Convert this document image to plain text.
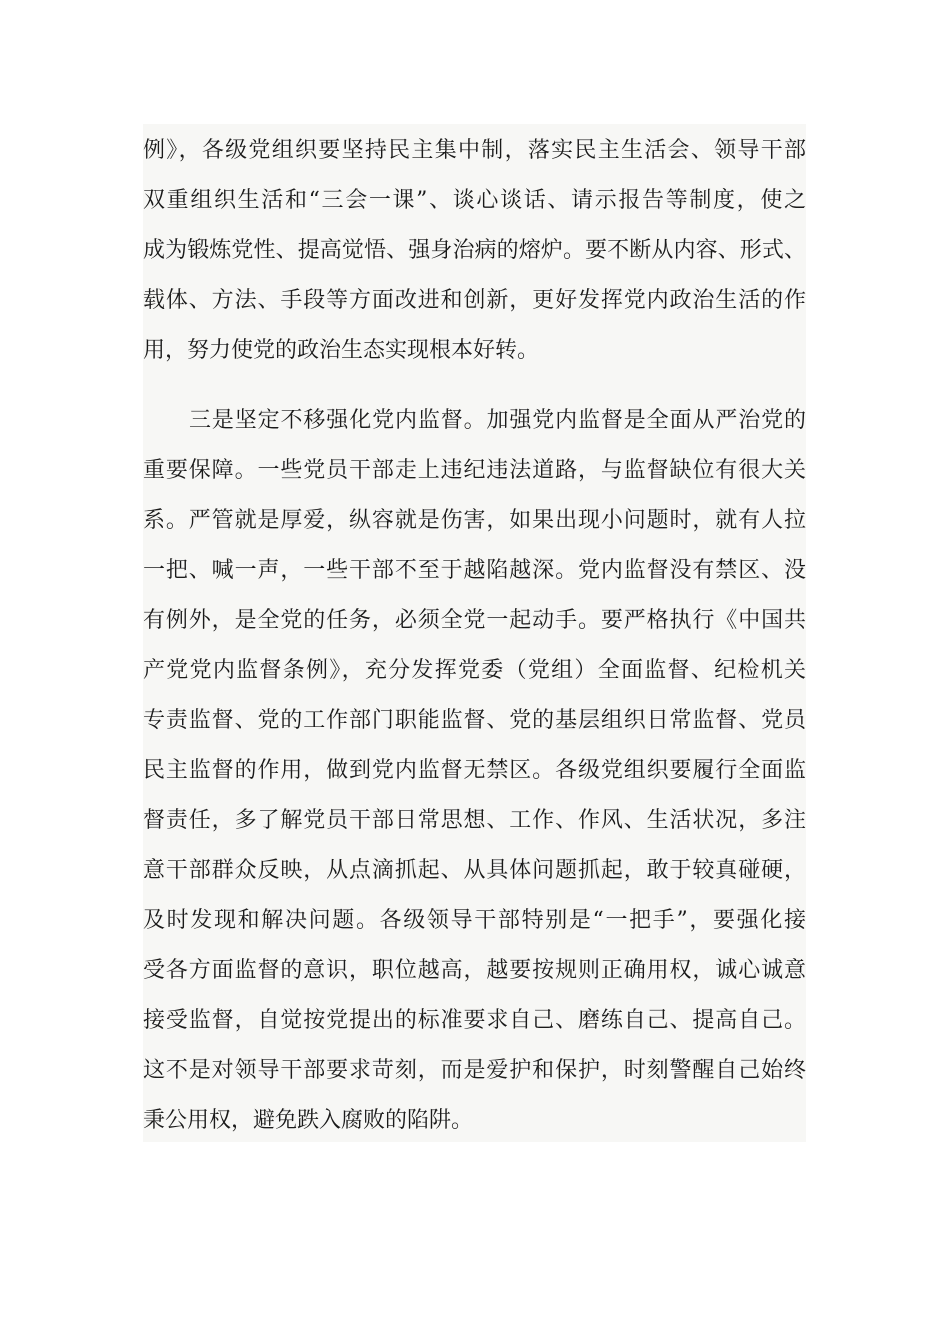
例》，各级党组织要坚持民主集中制，落实民主生活会、领导干部
双重组织生活和“三会一课”、谈心谈话、请示报告等制度，使之
成为锻炼党性、提高觉悟、强身治病的熔炉。要不断从内容、形式、
载体、方法、手段等方面改进和创新，更好发挥党内政治生活的作
用，努力使党的政治生态实现根本好转。
三是坚定不移强化党内监督。加强党内监督是全面从严治党的
重要保障。一些党员干部走上违纪违法道路，与监督缺位有很大关
系。严管就是厚爱，纵容就是伤害，如果出现小问题时，就有人拉
一把、喊一声，一些干部不至于越陷越深。党内监督没有禁区、没
有例外，是全党的任务，必须全党一起动手。要严格执行《中国共
产党党内监督条例》，充分发挥党委（党组）全面监督、纪检机关
专责监督、党的工作部门职能监督、党的基层组织日常监督、党员
民主监督的作用，做到党内监督无禁区。各级党组织要履行全面监
督责任，多了解党员干部日常思想、工作、作风、生活状况，多注
意干部群众反映，从点滴抓起、从具体问题抓起，敢于较真碰硬，
及时发现和解决问题。各级领导干部特别是“一把手”，要强化接
受各方面监督的意识，职位越高，越要按规则正确用权，诚心诚意
接受监督，自觉按党提出的标准要求自己、磨练自己、提高自己。
这不是对领导干部要求苛刻，而是爱护和保护，时刻警醒自己始终
秉公用权，避免跌入腐败的陷阱。
